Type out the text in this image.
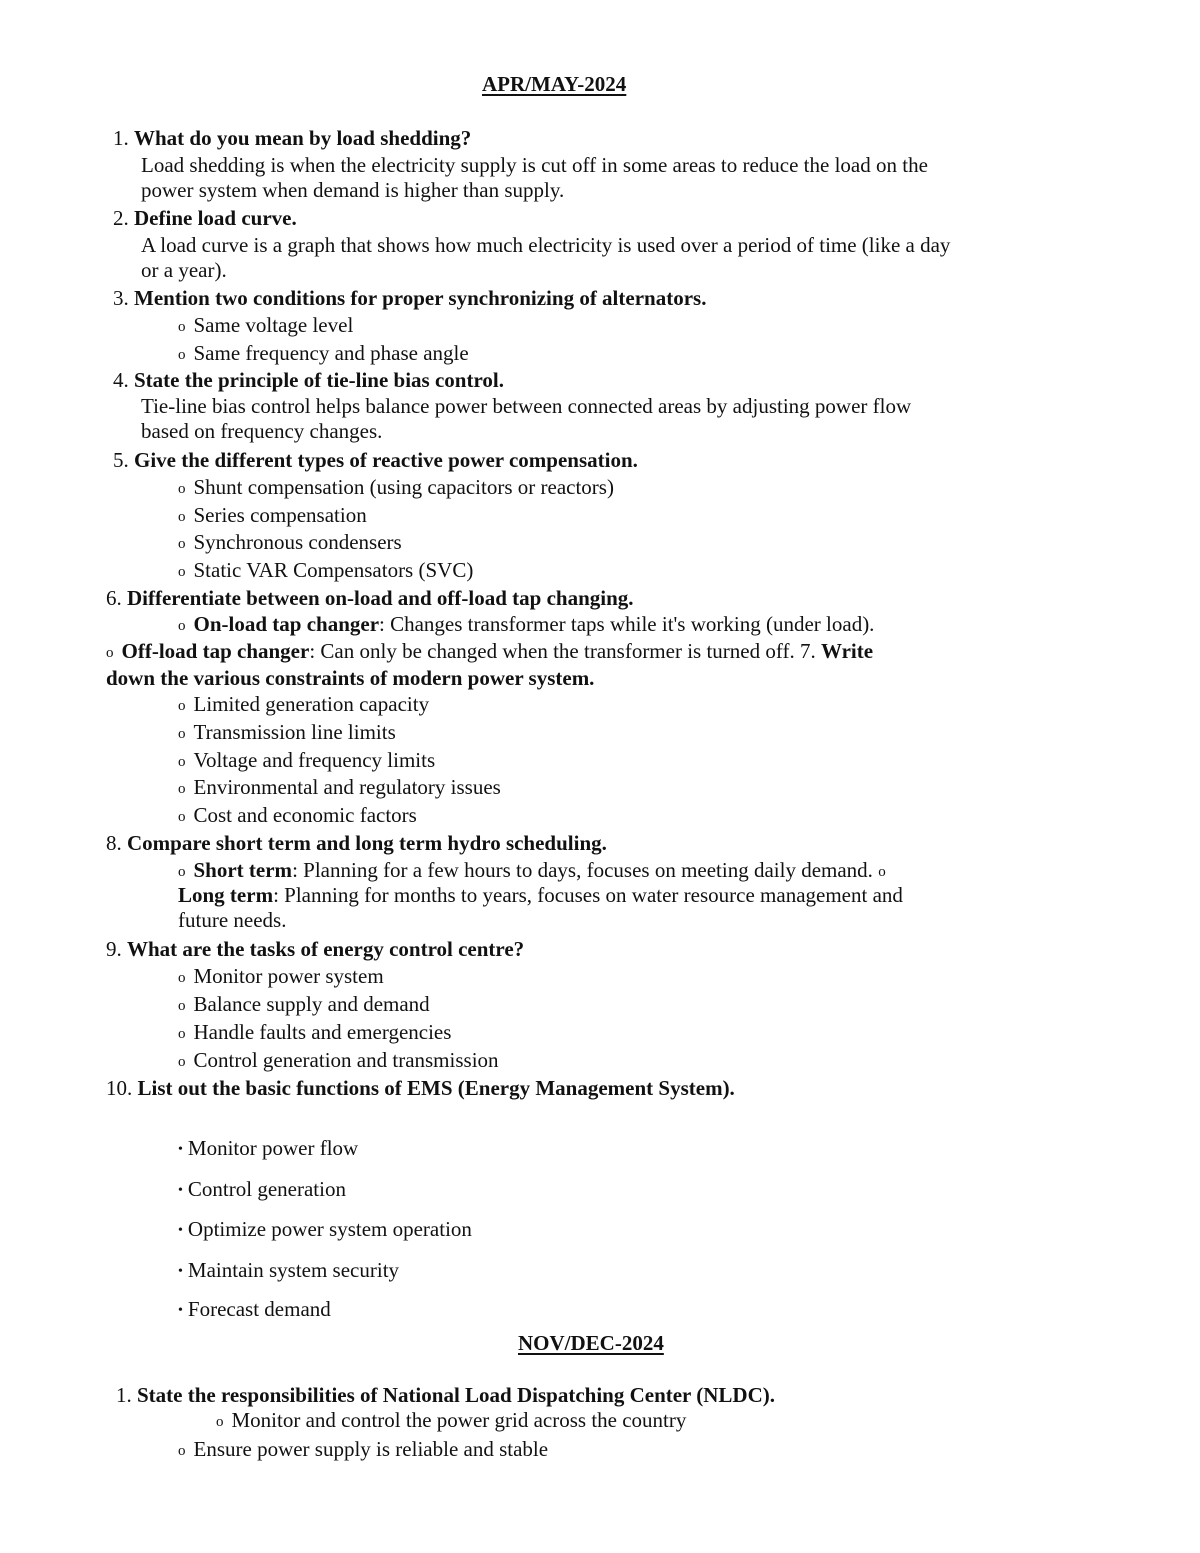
APR/MAY-2024
1. What do you mean by load shedding?
Load shedding is when the electricity supply is cut off in some areas to reduce the load on the
power system when demand is higher than supply.
2. Define load curve.
A load curve is a graph that shows how much electricity is used over a period of time (like a day
or a year).
3. Mention two conditions for proper synchronizing of alternators.
o Same voltage level
o Same frequency and phase angle
4. State the principle of tie-line bias control.
Tie-line bias control helps balance power between connected areas by adjusting power flow
based on frequency changes.
5. Give the different types of reactive power compensation.
o Shunt compensation (using capacitors or reactors)
o Series compensation
o Synchronous condensers
o Static VAR Compensators (SVC)
6. Differentiate between on-load and off-load tap changing.
o On-load tap changer: Changes transformer taps while it's working (under load).
o Off-load tap changer: Can only be changed when the transformer is turned off. 7. Write
down the various constraints of modern power system.
o Limited generation capacity
o Transmission line limits
o Voltage and frequency limits
o Environmental and regulatory issues
o Cost and economic factors
8. Compare short term and long term hydro scheduling.
o Short term: Planning for a few hours to days, focuses on meeting daily demand. o
Long term: Planning for months to years, focuses on water resource management and
future needs.
9. What are the tasks of energy control centre?
o Monitor power system
o Balance supply and demand
o Handle faults and emergencies
o Control generation and transmission
10. List out the basic functions of EMS (Energy Management System).
• Monitor power flow
• Control generation
• Optimize power system operation
• Maintain system security
• Forecast demand
NOV/DEC-2024
1. State the responsibilities of National Load Dispatching Center (NLDC).
o Monitor and control the power grid across the country
o Ensure power supply is reliable and stable
